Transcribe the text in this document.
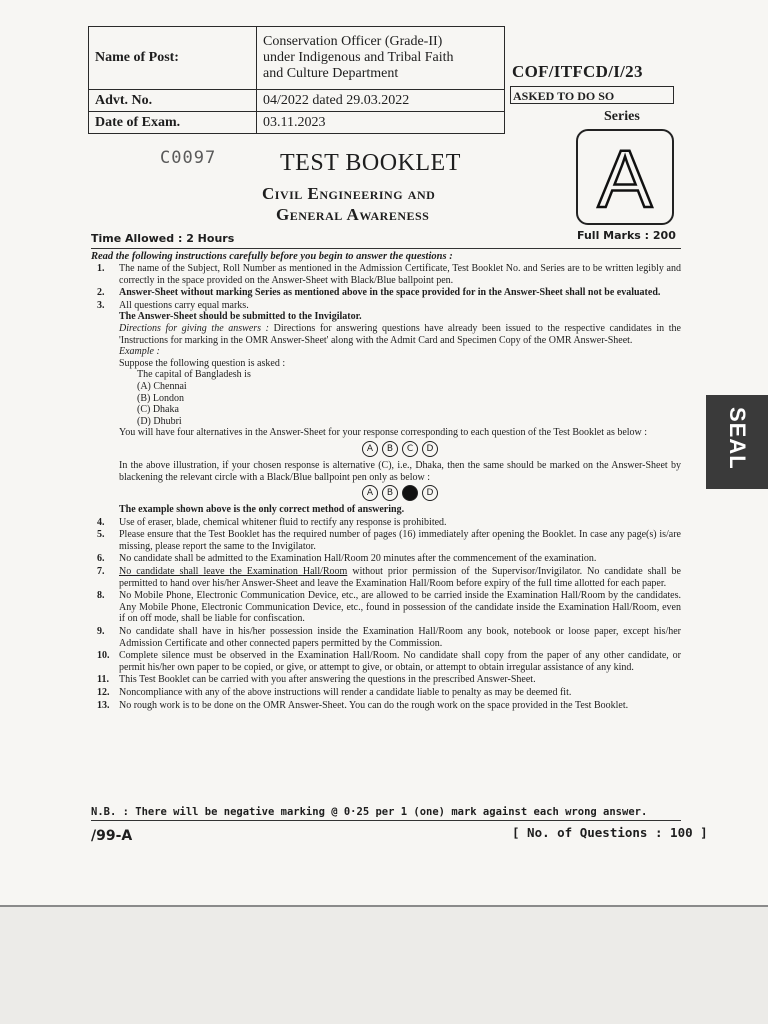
Name of Post:	Conservation Officer (Grade-II)
under Indigenous and Tribal Faith
and Culture Department

Advt. No.	04/2022 dated 29.03.2022
Date of Exam.	03.11.2023
COF/ITFCD/I/23
ASKED TO DO SO
Series
A
C0097	TEST BOOKLET
Civil Engineering and
General Awareness
Time Allowed : 2 Hours	Full Marks : 200
Read the following instructions carefully before you begin to answer the questions :
SEAL
1. The name of the Subject, Roll Number as mentioned in the Admission Certificate, Test Booklet No. and Series are to be written legibly and correctly in the space provided on the Answer-Sheet with Black/Blue ballpoint pen.
2. Answer-Sheet without marking Series as mentioned above in the space provided for in the Answer-Sheet shall not be evaluated.
3. All questions carry equal marks.
The Answer-Sheet should be submitted to the Invigilator.
Directions for giving the answers : Directions for answering questions have already been issued to the respective candidates in the 'Instructions for marking in the OMR Answer-Sheet' along with the Admit Card and Specimen Copy of the OMR Answer-Sheet.
Example :
Suppose the following question is asked :
The capital of Bangladesh is
(A) Chennai
(B) London
(C) Dhaka
(D) Dhubri
You will have four alternatives in the Answer-Sheet for your response corresponding to each question of the Test Booklet as below :
A B C D
In the above illustration, if your chosen response is alternative (C), i.e., Dhaka, then the same should be marked on the Answer-Sheet by blackening the relevant circle with a Black/Blue ballpoint pen only as below :
A B	D
The example shown above is the only correct method of answering.
4. Use of eraser, blade, chemical whitener fluid to rectify any response is prohibited.
5. Please ensure that the Test Booklet has the required number of pages (16) immediately after opening the Booklet. In case any page(s) is/are missing, please report the same to the Invigilator.
6. No candidate shall be admitted to the Examination Hall/Room 20 minutes after the commencement of the examination.
7. No candidate shall leave the Examination Hall/Room without prior permission of the Supervisor/Invigilator. No candidate shall be permitted to hand over his/her Answer-Sheet and leave the Examination Hall/Room before expiry of the full time allotted for each paper.
8. No Mobile Phone, Electronic Communication Device, etc., are allowed to be carried inside the Examination Hall/Room by the candidates. Any Mobile Phone, Electronic Communication Device, etc., found in possession of the candidate inside the Examination Hall/Room, even if on off mode, shall be liable for confiscation.
9. No candidate shall have in his/her possession inside the Examination Hall/Room any book, notebook or loose paper, except his/her Admission Certificate and other connected papers permitted by the Commission.
10. Complete silence must be observed in the Examination Hall/Room. No candidate shall copy from the paper of any other candidate, or permit his/her own paper to be copied, or give, or attempt to give, or obtain, or attempt to obtain irregular assistance of any kind.
11. This Test Booklet can be carried with you after answering the questions in the prescribed Answer-Sheet.
12. Noncompliance with any of the above instructions will render a candidate liable to penalty as may be deemed fit.
13. No rough work is to be done on the OMR Answer-Sheet. You can do the rough work on the space provided in the Test Booklet.
N.B. : There will be negative marking @ 0·25 per 1 (one) mark against each wrong answer.
/99-A	[ No. of Questions : 100 ]
